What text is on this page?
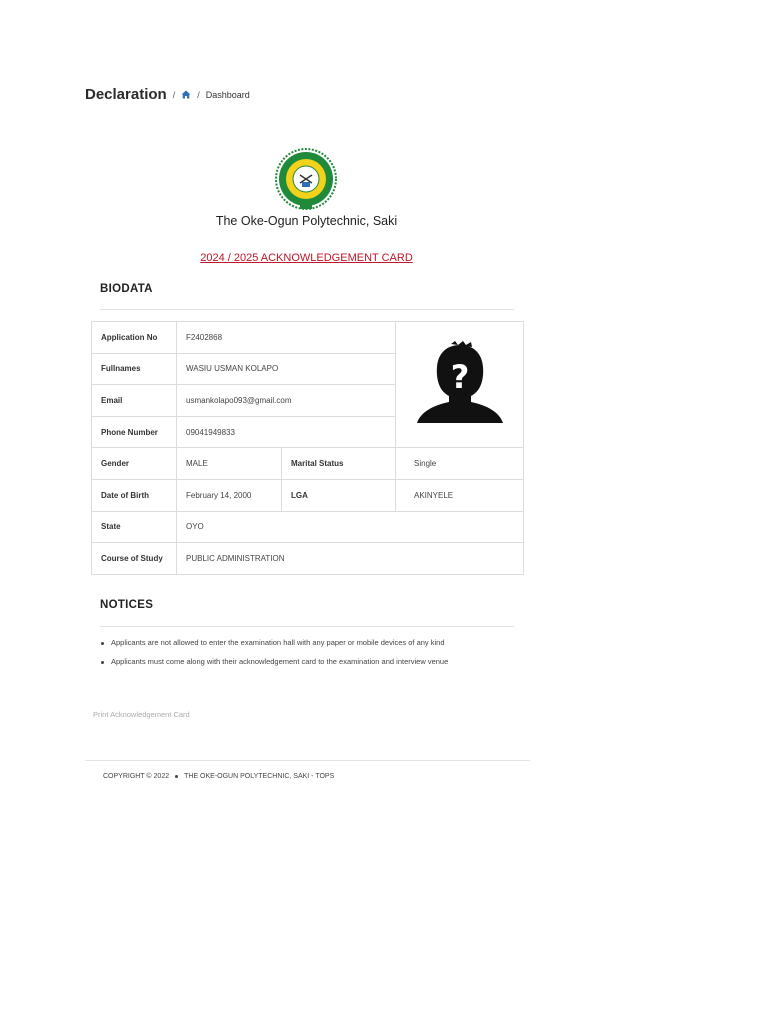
Declaration / / Dashboard
The Oke-Ogun Polytechnic, Saki
2024 / 2025 ACKNOWLEDGEMENT CARD
BIODATA
Application No	F2402868		?

Fullnames	WASIU USMAN KOLAPO		
Email	usmankolapo093@gmail.com		
Phone Number	09041949833		
Gender	MALE	Marital Status	Single
Date of Birth	February 14, 2000	LGA	AKINYELE
State	OYO		
Course of Study	PUBLIC ADMINISTRATION		
NOTICES
Applicants are not allowed to enter the examination hall with any paper or mobile devices of any kind
Applicants must come along with their acknowledgement card to the examination and interview venue
Print Acknowledgement Card
COPYRIGHT © 2022 THE OKE-OGUN POLYTECHNIC, SAKI - TOPS
